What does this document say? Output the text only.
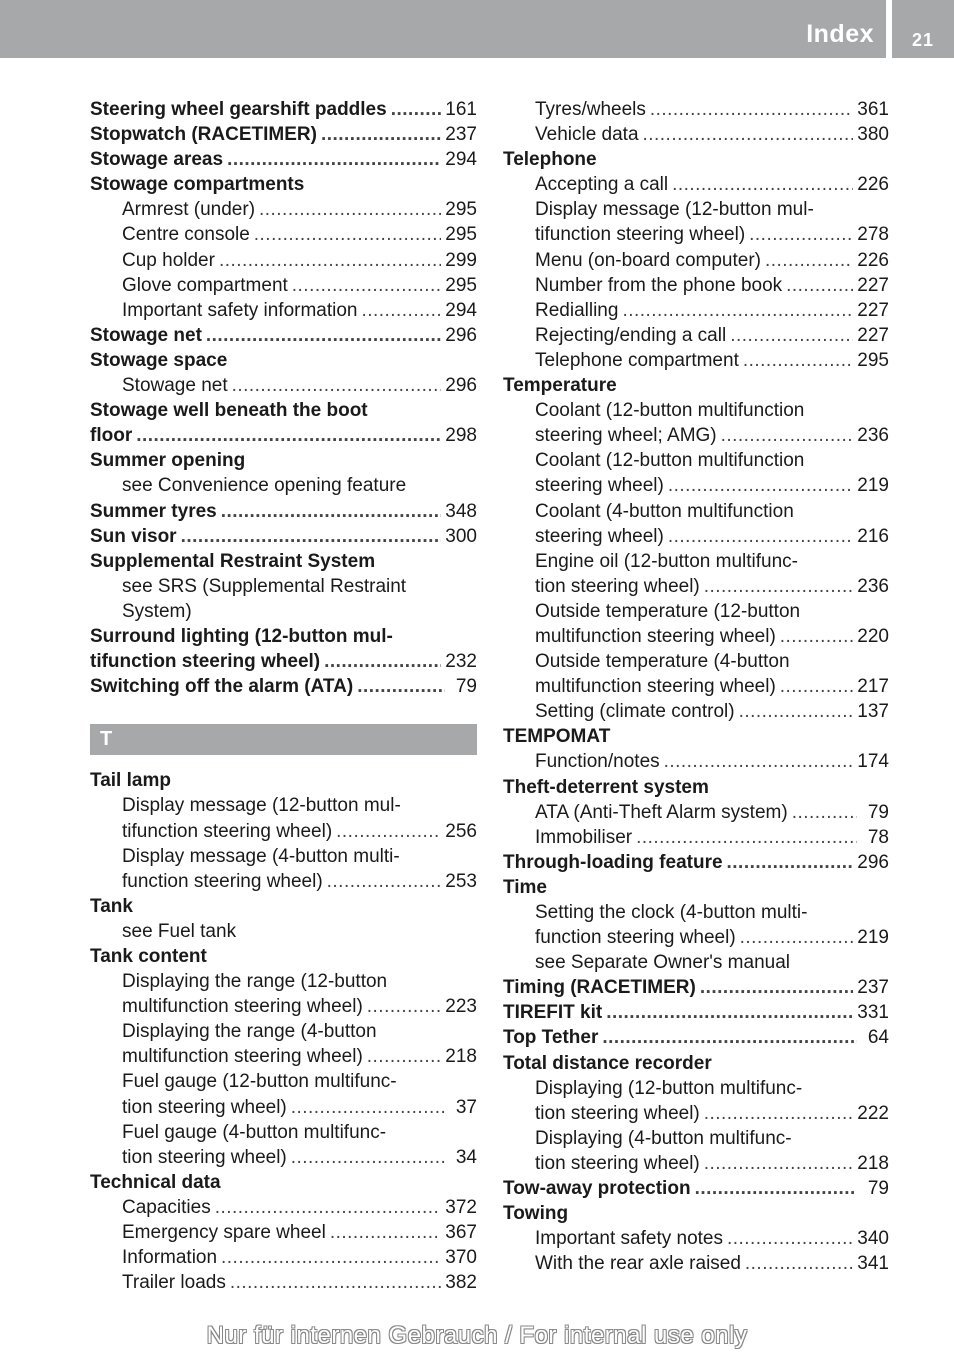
Index	21
Steering wheel gearshift paddles . . .	161
Stopwatch (RACETIMER) . . .	237
Stowage areas . . .	294
Stowage compartments
Armrest (under) . . .	295
Centre console . . .	295
Cup holder . . .	299
Glove compartment . . .	295
Important safety information . . .	294
Stowage net . . .	296
Stowage space
Stowage net . . .	296
Stowage well beneath the boot
floor . . .	298
Summer opening
see Convenience opening feature
Summer tyres . . .	348
Sun visor . . .	300
Supplemental Restraint System
see SRS (Supplemental Restraint
System)
Surround lighting (12-button mul-
tifunction steering wheel) . . .	232
Switching off the alarm (ATA) . . .	79
T
Tail lamp
Display message (12-button mul-
tifunction steering wheel) . . .	256
Display message (4-button multi-
function steering wheel) . . .	253
Tank
see Fuel tank
Tank content
Displaying the range (12-button
multifunction steering wheel) . . .	223
Displaying the range (4-button
multifunction steering wheel) . . .	218
Fuel gauge (12-button multifunc-
tion steering wheel) . . .	37
Fuel gauge (4-button multifunc-
tion steering wheel) . . .	34
Technical data
Capacities . . .	372
Emergency spare wheel . . .	367
Information . . .	370
Trailer loads . . .	382
Tyres/wheels . . .	361
Vehicle data . . .	380
Telephone
Accepting a call . . .	226
Display message (12-button mul-
tifunction steering wheel) . . .	278
Menu (on-board computer) . . .	226
Number from the phone book . . .	227
Redialling . . .	227
Rejecting/ending a call . . .	227
Telephone compartment . . .	295
Temperature
Coolant (12-button multifunction
steering wheel; AMG) . . .	236
Coolant (12-button multifunction
steering wheel) . . .	219
Coolant (4-button multifunction
steering wheel) . . .	216
Engine oil (12-button multifunc-
tion steering wheel) . . .	236
Outside temperature (12-button
multifunction steering wheel) . . .	220
Outside temperature (4-button
multifunction steering wheel) . . .	217
Setting (climate control) . . .	137
TEMPOMAT
Function/notes . . .	174
Theft-deterrent system
ATA (Anti-Theft Alarm system) . . .	79
Immobiliser . . .	78
Through-loading feature . . .	296
Time
Setting the clock (4-button multi-
function steering wheel) . . .	219
see Separate Owner's manual
Timing (RACETIMER) . . .	237
TIREFIT kit . . .	331
Top Tether . . .	64
Total distance recorder
Displaying (12-button multifunc-
tion steering wheel) . . .	222
Displaying (4-button multifunc-
tion steering wheel) . . .	218
Tow-away protection . . .	79
Towing
Important safety notes . . .	340
With the rear axle raised . . .	341
Nur für internen Gebrauch / For internal use only
